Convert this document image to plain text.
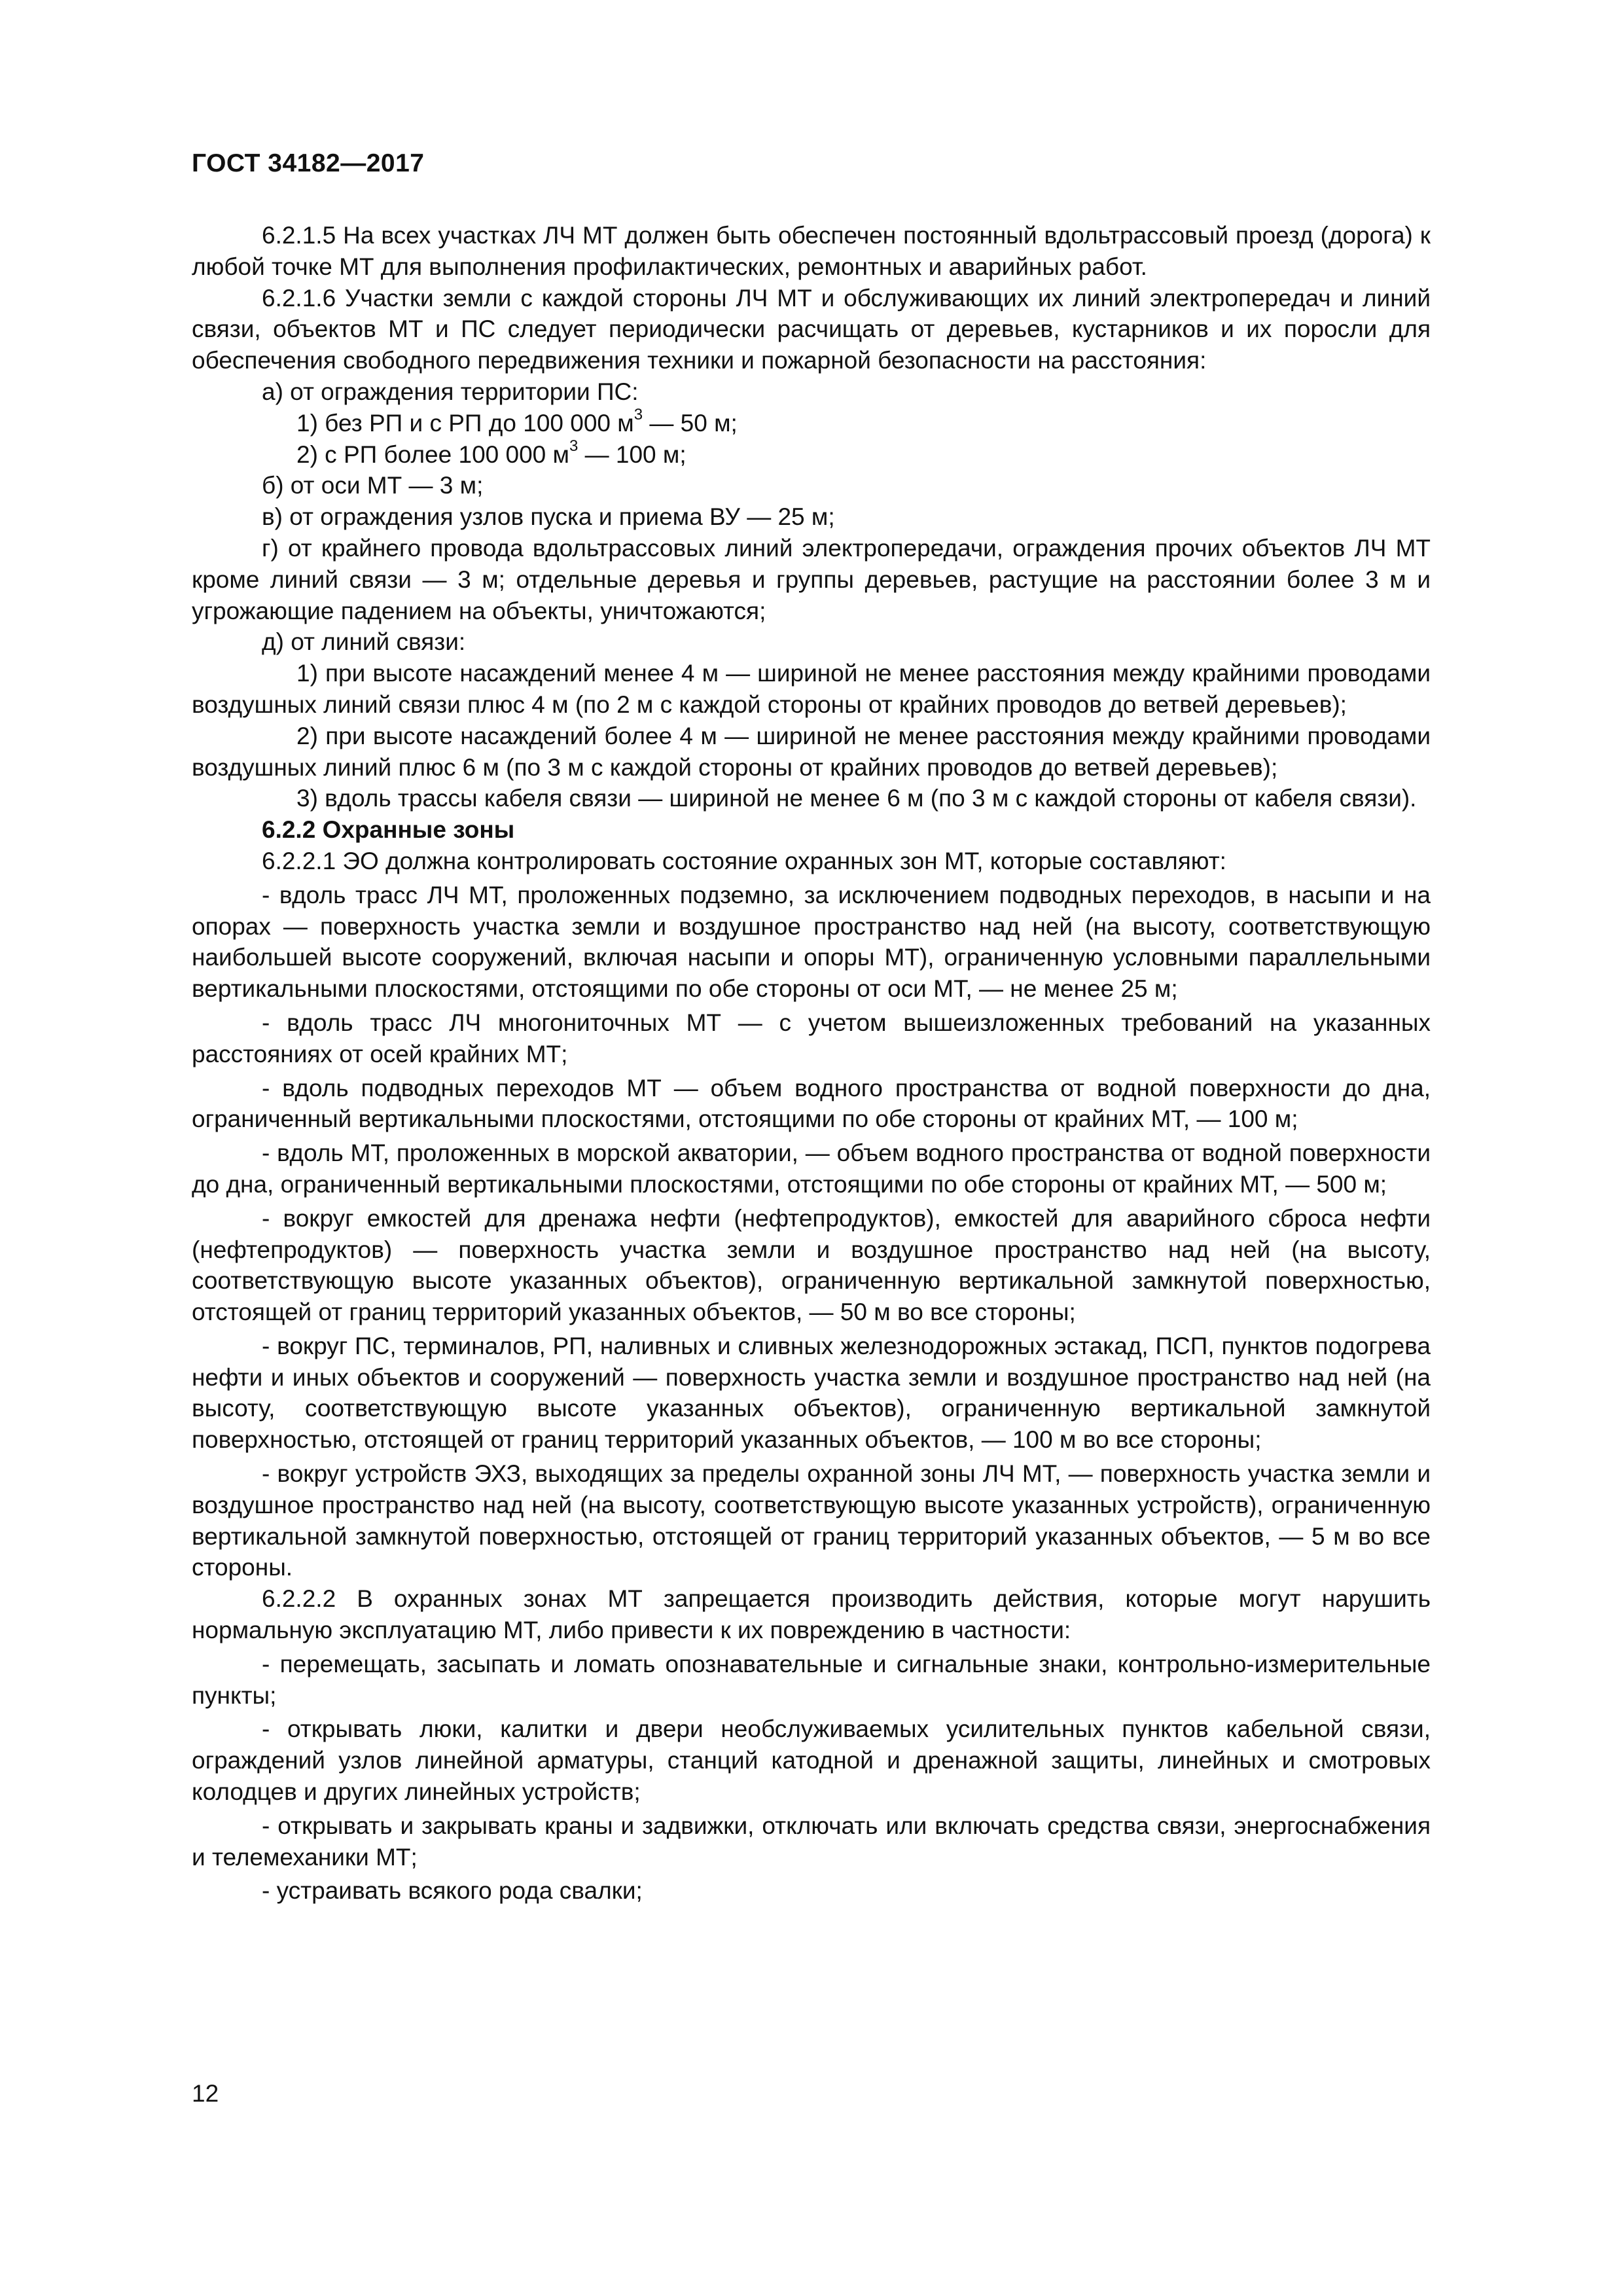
ГОСТ 34182—2017

6.2.1.5 На всех участках ЛЧ МТ должен быть обеспечен постоянный вдольтрассовый проезд (дорога) к любой точке МТ для выполнения профилактических, ремонтных и аварийных работ.

6.2.1.6 Участки земли с каждой стороны ЛЧ МТ и обслуживающих их линий электропередач и линий связи, объектов МТ и ПС следует периодически расчищать от деревьев, кустарников и их поросли для обеспечения свободного передвижения техники и пожарной безопасности на расстояния:

а) от ограждения территории ПС:

1) без РП и с РП до 100 000 $м^3$ — 50 м;

2) с РП более 100 000 $м^3$ — 100 м;

б) от оси МТ — 3 м;

в) от ограждения узлов пуска и приема ВУ — 25 м;

г) от крайнего провода вдольтрассовых линий электропередачи, ограждения прочих объектов ЛЧ МТ кроме линий связи — 3 м; отдельные деревья и группы деревьев, растущие на расстоянии более 3 м и угрожающие падением на объекты, уничтожаются;

д) от линий связи:

1) при высоте насаждений менее 4 м — шириной не менее расстояния между крайними проводами воздушных линий связи плюс 4 м (по 2 м с каждой стороны от крайних проводов до ветвей деревьев);

2) при высоте насаждений более 4 м — шириной не менее расстояния между крайними проводами воздушных линий плюс 6 м (по 3 м с каждой стороны от крайних проводов до ветвей деревьев);

3) вдоль трассы кабеля связи — шириной не менее 6 м (по 3 м с каждой стороны от кабеля связи).

6.2.2 Охранные зоны

6.2.2.1 ЭО должна контролировать состояние охранных зон МТ, которые составляют:

- вдоль трасс ЛЧ МТ, проложенных подземно, за исключением подводных переходов, в насыпи и на опорах — поверхность участка земли и воздушное пространство над ней (на высоту, соответствующую наибольшей высоте сооружений, включая насыпи и опоры МТ), ограниченную условными параллельными вертикальными плоскостями, отстоящими по обе стороны от оси МТ, — не менее 25 м;

- вдоль трасс ЛЧ многониточных МТ — с учетом вышеизложенных требований на указанных расстояниях от осей крайних МТ;

- вдоль подводных переходов МТ — объем водного пространства от водной поверхности до дна, ограниченный вертикальными плоскостями, отстоящими по обе стороны от крайних МТ, — 100 м;

- вдоль МТ, проложенных в морской акватории, — объем водного пространства от водной поверхности до дна, ограниченный вертикальными плоскостями, отстоящими по обе стороны от крайних МТ, — 500 м;

- вокруг емкостей для дренажа нефти (нефтепродуктов), емкостей для аварийного сброса нефти (нефтепродуктов) — поверхность участка земли и воздушное пространство над ней (на высоту, соответствующую высоте указанных объектов), ограниченную вертикальной замкнутой поверхностью, отстоящей от границ территорий указанных объектов, — 50 м во все стороны;

- вокруг ПС, терминалов, РП, наливных и сливных железнодорожных эстакад, ПСП, пунктов подогрева нефти и иных объектов и сооружений — поверхность участка земли и воздушное пространство над ней (на высоту, соответствующую высоте указанных объектов), ограниченную вертикальной замкнутой поверхностью, отстоящей от границ территорий указанных объектов, — 100 м во все стороны;

- вокруг устройств ЭХЗ, выходящих за пределы охранной зоны ЛЧ МТ, — поверхность участка земли и воздушное пространство над ней (на высоту, соответствующую высоте указанных устройств), ограниченную вертикальной замкнутой поверхностью, отстоящей от границ территорий указанных объектов, — 5 м во все стороны.

6.2.2.2 В охранных зонах МТ запрещается производить действия, которые могут нарушить нормальную эксплуатацию МТ, либо привести к их повреждению в частности:

- перемещать, засыпать и ломать опознавательные и сигнальные знаки, контрольно-измерительные пункты;

- открывать люки, калитки и двери необслуживаемых усилительных пунктов кабельной связи, ограждений узлов линейной арматуры, станций катодной и дренажной защиты, линейных и смотровых колодцев и других линейных устройств;

- открывать и закрывать краны и задвижки, отключать или включать средства связи, энергоснабжения и телемеханики МТ;

- устраивать всякого рода свалки;

12
